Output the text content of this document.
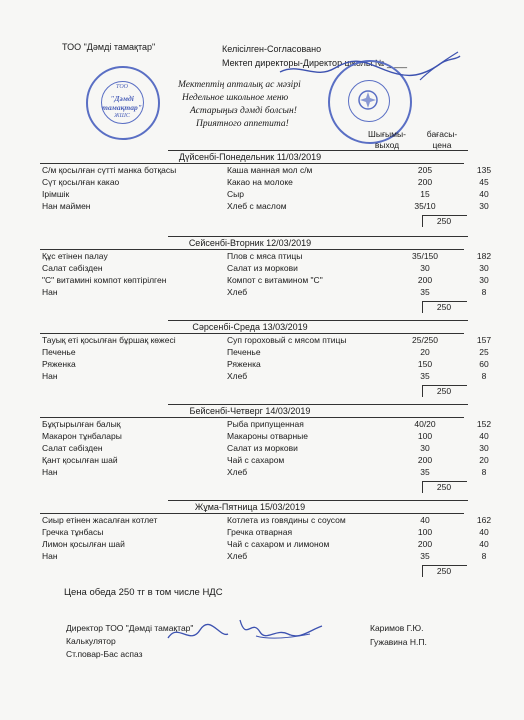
ТОО "Дәмді тамақтар"	Келісілген-Согласовано
Мектеп директоры-Директор школы № ____
ТОО
"Дәмді тамақтар"
ЖШС
Мектептің апталық ас мәзірі
Недельное школьное меню
Астарыңыз дәмді болсын!
Приятного аппетита!
Шығымы-
выход
бағасы-
цена
Дүйсенбі-Понедельник 11/03/2019
С/м қосылған сүтті манка ботқасы	Каша манная мол с/м	205	135
Сүт қосылған какао	Какао на молоке	200	45
Ірімшік	Сыр	15	40
Нан маймен	Хлеб с маслом	35/10	30
250
Сейсенбі-Вторник 12/03/2019
Құс етінен палау	Плов с мяса птицы	35/150	182
Салат сәбізден	Салат из моркови	30	30
"С" витамині компот көптірілген	Компот с витамином "С"	200	30
Нан	Хлеб	35	8
250
Сәрсенбі-Среда 13/03/2019
Тауық еті қосылған бұршақ көжесі	Суп гороховый с мясом птицы	25/250	157
Печенье	Печенье	20	25
Ряженка	Ряженка	150	60
Нан	Хлеб	35	8
250
Бейсенбі-Четверг 14/03/2019
Бұқтырылған балық	Рыба припущенная	40/20	152
Макарон тұнбалары	Макароны отварные	100	40
Салат сәбізден	Салат из моркови	30	30
Қант қосылған шай	Чай с сахаром	200	20
Нан	Хлеб	35	8
250
Жұма-Пятница 15/03/2019
Сиыр етінен жасалған котлет	Котлета из говядины с соусом	40	162
Гречка тұнбасы	Гречка отварная	100	40
Лимон қосылған шай	Чай с сахаром и лимоном	200	40
Нан	Хлеб	35	8
250
Цена обеда 250 тг в том числе НДС
Директор ТОО "Дәмді тамақтар"
Калькулятор
Ст.повар-Бас аспаз
Каримов Г.Ю.
Гужавина Н.П.
